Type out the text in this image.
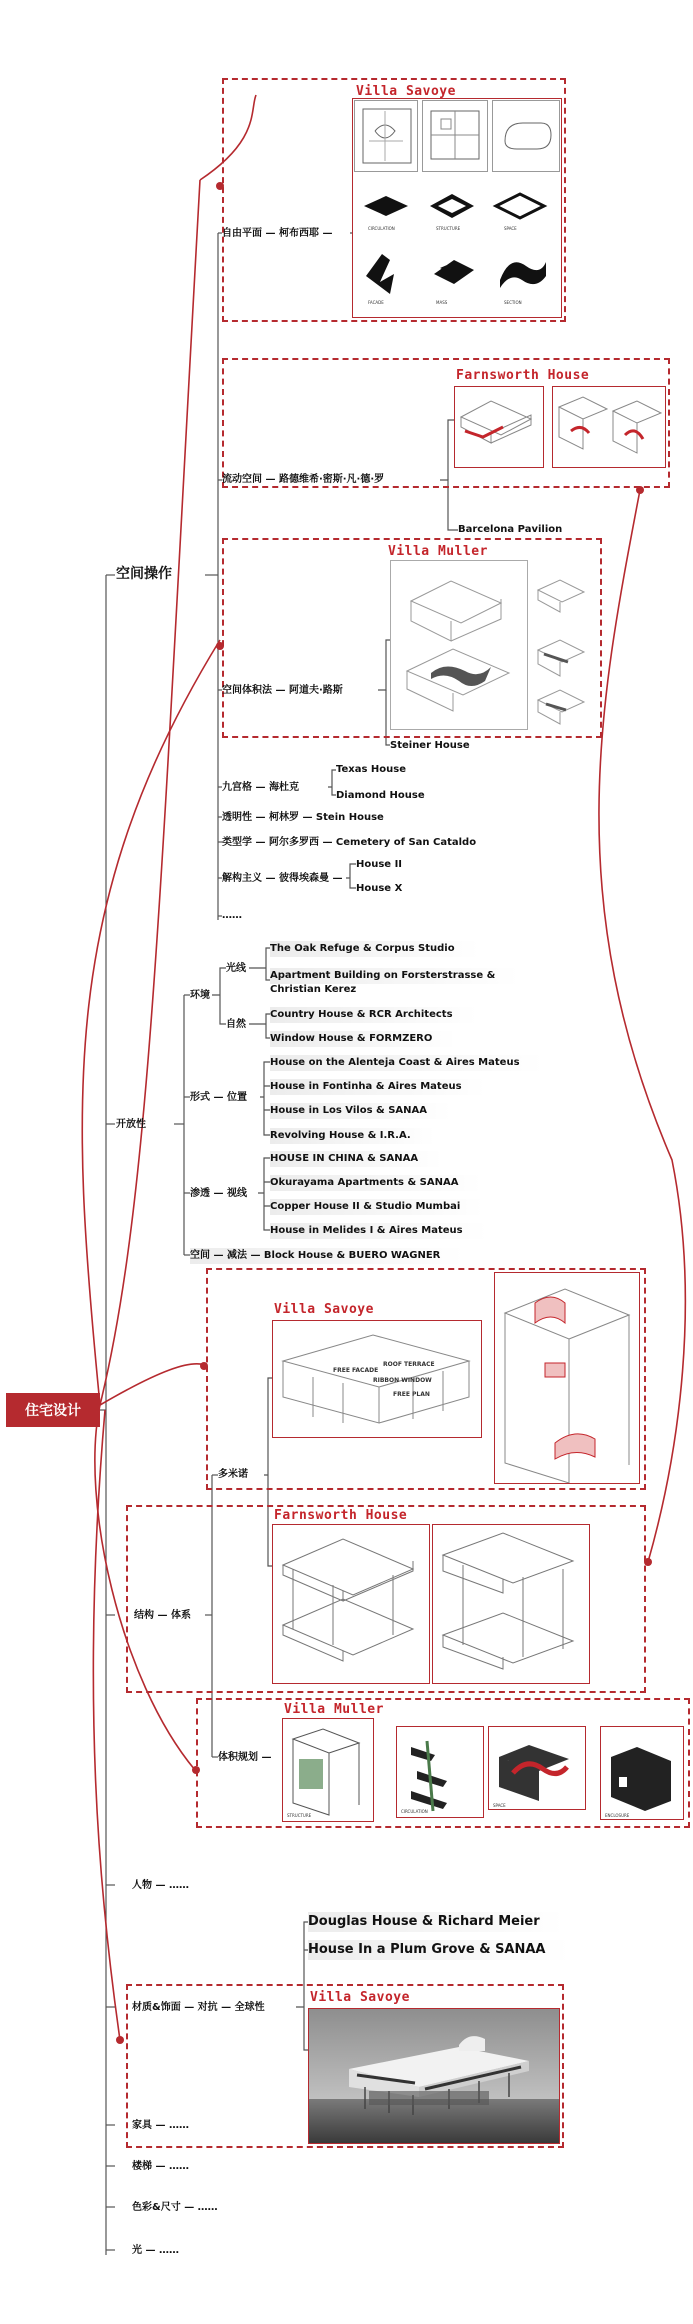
住宅设计
空间操作
开放性
结构 — 体系
人物 — ……
材质&饰面 — 对抗 — 全球性
家具 — ……
楼梯 — ……
色彩&尺寸 — ……
光 — ……
Villa Savoye
CIRCULATION	STRUCTURE	SPACE
FACADE	MASS	SECTION
自由平面 — 柯布西耶 —
Farnsworth House
流动空间 — 路德维希·密斯·凡·德·罗
Barcelona Pavilion
Villa Muller
空间体积法 — 阿道夫·路斯
Steiner House
九宫格 — 海杜克
Texas House
Diamond House
透明性 — 柯林罗 — Stein House
类型学 — 阿尔多罗西 — Cemetery of San Cataldo
解构主义 — 彼得埃森曼 —
House II
House X
……
环境
光线
自然
The Oak Refuge & Corpus Studio
Apartment Building on Forsterstrasse &
Christian Kerez
Country House & RCR Architects
Window House & FORMZERO
形式 — 位置
House on the Alenteja Coast & Aires Mateus
House in Fontinha & Aires Mateus
House in Los Vilos & SANAA
Revolving House & I.R.A.
渗透 — 视线
HOUSE IN CHINA & SANAA
Okurayama Apartments & SANAA
Copper House II & Studio Mumbai
House in Melides I & Aires Mateus
空间 — 减法 — Block House & BUERO WAGNER
Villa Savoye
FREE FACADE
ROOF TERRACE
RIBBON WINDOW
FREE PLAN
多米诺
Farnsworth House
Villa Muller
STRUCTURE
CIRCULATION
SPACE
ENCLOSURE
体积规划 —
Douglas House & Richard Meier
House In a Plum Grove & SANAA
Villa Savoye
